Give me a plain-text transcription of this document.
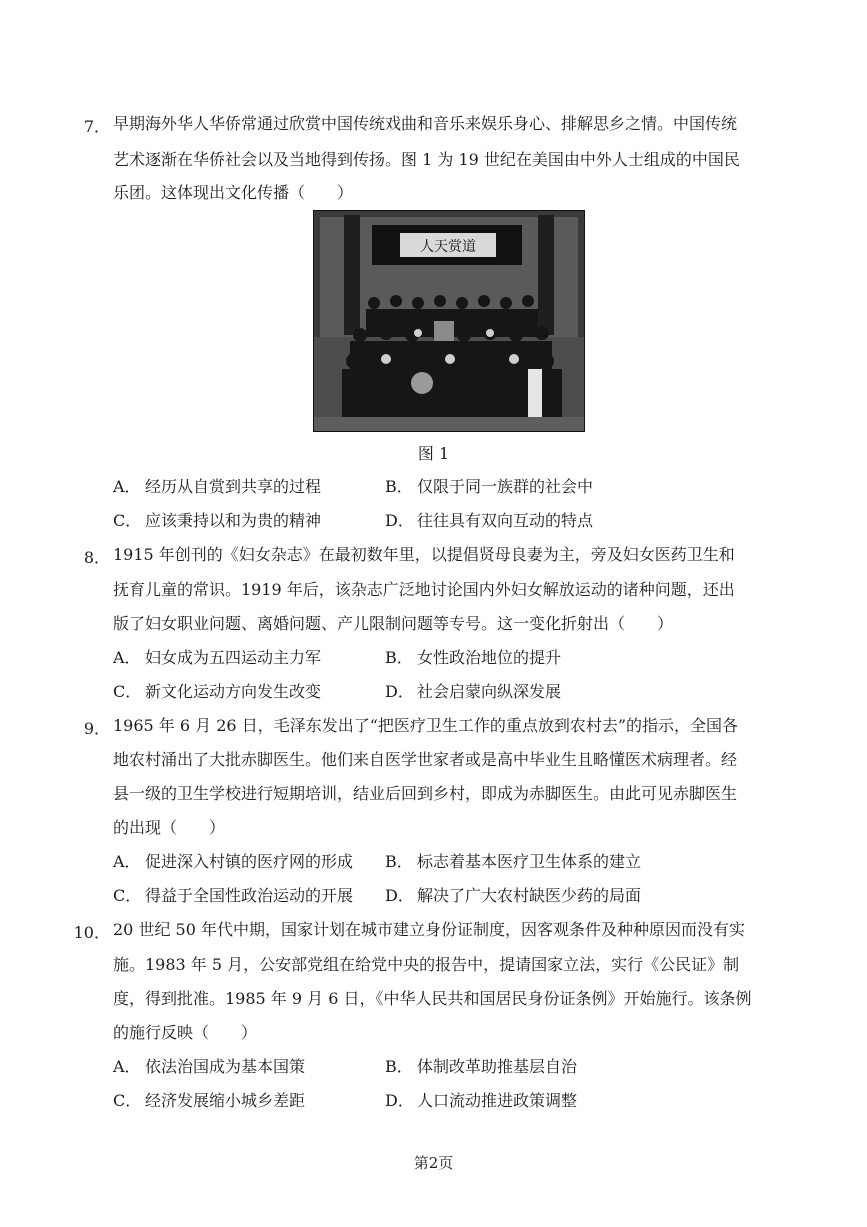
7． 早期海外华人华侨常通过欣赏中国传统戏曲和音乐来娱乐身心、排解思乡之情。中国传统
艺术逐渐在华侨社会以及当地得到传扬。图 1 为 19 世纪在美国由中外人士组成的中国民
乐团。这体现出文化传播（　　）
人天赏道
图 1
A． 经历从自赏到共享的过程	B． 仅限于同一族群的社会中
C． 应该秉持以和为贵的精神	D． 往往具有双向互动的特点
8． 1915 年创刊的《妇女杂志》在最初数年里，以提倡贤母良妻为主，旁及妇女医药卫生和
抚育儿童的常识。1919 年后，该杂志广泛地讨论国内外妇女解放运动的诸种问题，还出
版了妇女职业问题、离婚问题、产儿限制问题等专号。这一变化折射出（　　）
A． 妇女成为五四运动主力军	B． 女性政治地位的提升
C． 新文化运动方向发生改变	D． 社会启蒙向纵深发展
9． 1965 年 6 月 26 日，毛泽东发出了“把医疗卫生工作的重点放到农村去”的指示，全国各
地农村涌出了大批赤脚医生。他们来自医学世家者或是高中毕业生且略懂医术病理者。经
县一级的卫生学校进行短期培训，结业后回到乡村，即成为赤脚医生。由此可见赤脚医生
的出现（　　）
A． 促进深入村镇的医疗网的形成 B． 标志着基本医疗卫生体系的建立
C． 得益于全国性政治运动的开展 D． 解决了广大农村缺医少药的局面
10． 20 世纪 50 年代中期，国家计划在城市建立身份证制度，因客观条件及种种原因而没有实
施。1983 年 5 月，公安部党组在给党中央的报告中，提请国家立法，实行《公民证》制
度，得到批准。1985 年 9 月 6 日，《中华人民共和国居民身份证条例》开始施行。该条例
的施行反映（　　）
A． 依法治国成为基本国策	B． 体制改革助推基层自治
C． 经济发展缩小城乡差距	D． 人口流动推进政策调整
第2页
